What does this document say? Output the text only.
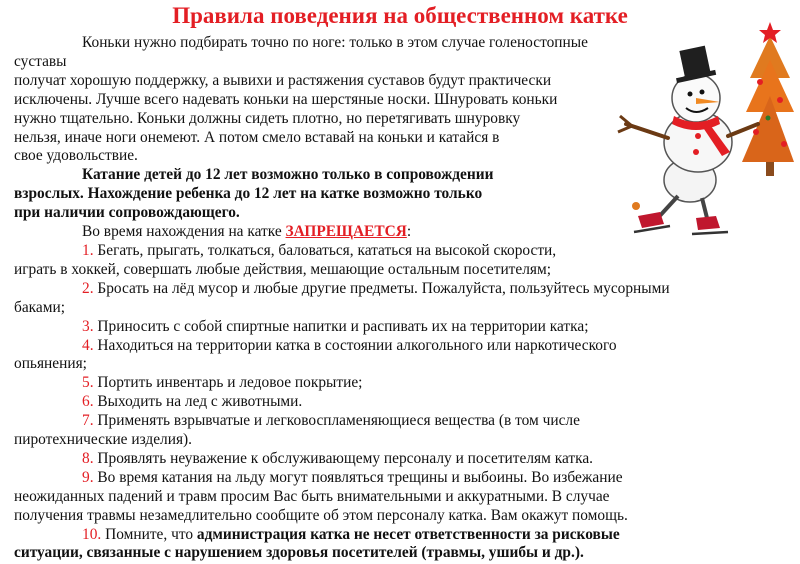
Правила поведения на общественном катке

Коньки нужно подбирать точно по ноге: только в этом случае голеностопные суставы
получат хорошую поддержку, а вывихи и растяжения суставов будут практически
исключены. Лучше всего надевать коньки на шерстяные носки. Шнуровать коньки
нужно тщательно. Коньки должны сидеть плотно, но перетягивать шнуровку
нельзя, иначе ноги онемеют. А потом смело вставай на коньки и катайся в
свое удовольствие.

Катание детей до 12 лет возможно только в сопровождении
взрослых. Нахождение ребенка до 12 лет на катке возможно только
при наличии сопровождающего.

Во время нахождения на катке ЗАПРЕЩАЕТСЯ:

1. Бегать, прыгать, толкаться, баловаться, кататься на высокой скорости,
играть в хоккей, совершать любые действия, мешающие остальным посетителям;

2. Бросать на лёд мусор и любые другие предметы. Пожалуйста, пользуйтесь мусорными
баками;

3. Приносить с собой спиртные напитки и распивать их на территории катка;

4. Находиться на территории катка в состоянии алкогольного или наркотического
опьянения;

5. Портить инвентарь и ледовое покрытие;

6. Выходить на лед с животными.

7. Применять взрывчатые и легковоспламеняющиеся вещества (в том числе
пиротехнические изделия).

8. Проявлять неуважение к обслуживающему персоналу и посетителям катка.

9. Во время катания на льду могут появляться трещины и выбоины. Во избежание
неожиданных падений и травм просим Вас быть внимательными и аккуратными. В случае
получения травмы незамедлительно сообщите об этом персоналу катка. Вам окажут помощь.

10. Помните, что администрация катка не несет ответственности за рисковые
ситуации, связанные с нарушением здоровья посетителей (травмы, ушибы и др.).
